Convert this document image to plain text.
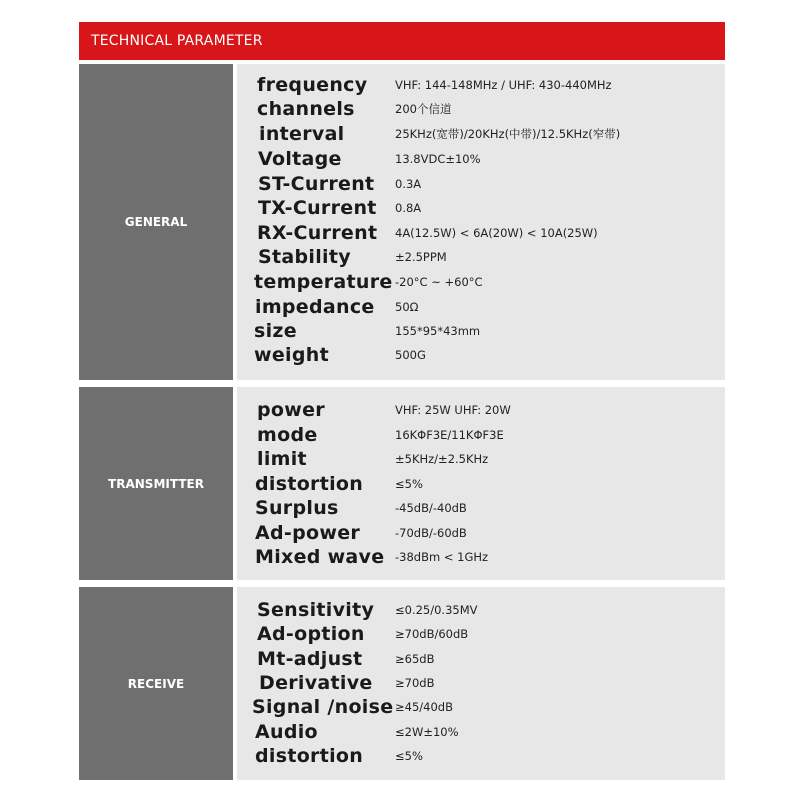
TECHNICAL PARAMETER
GENERAL
frequency VHF: 144-148MHz / UHF: 430-440MHz
channels	200个信道
interval	25KHz(宽带)/20KHz(中带)/12.5KHz(窄带)
Voltage	13.8VDC±10%
ST-Current 0.3A
TX-Current 0.8A
RX-Current 4A(12.5W) < 6A(20W) < 10A(25W)
Stability	±2.5PPM
temperature -20°C ~ +60°C
impedance 50Ω
size	155*95*43mm
weight	500G
TRANSMITTER
power	VHF: 25W UHF: 20W
mode	16KΦF3E/11KΦF3E
limit	±5KHz/±2.5KHz
distortion	≤5%
Surplus	-45dB/-40dB
Ad-power	-70dB/-60dB
Mixed wave -38dBm < 1GHz
RECEIVE
Sensitivity ≤0.25/0.35MV
Ad-option	≥70dB/60dB
Mt-adjust	≥65dB
Derivative ≥70dB
Signal /noise ≥45/40dB
Audio	≤2W±10%
distortion	≤5%
